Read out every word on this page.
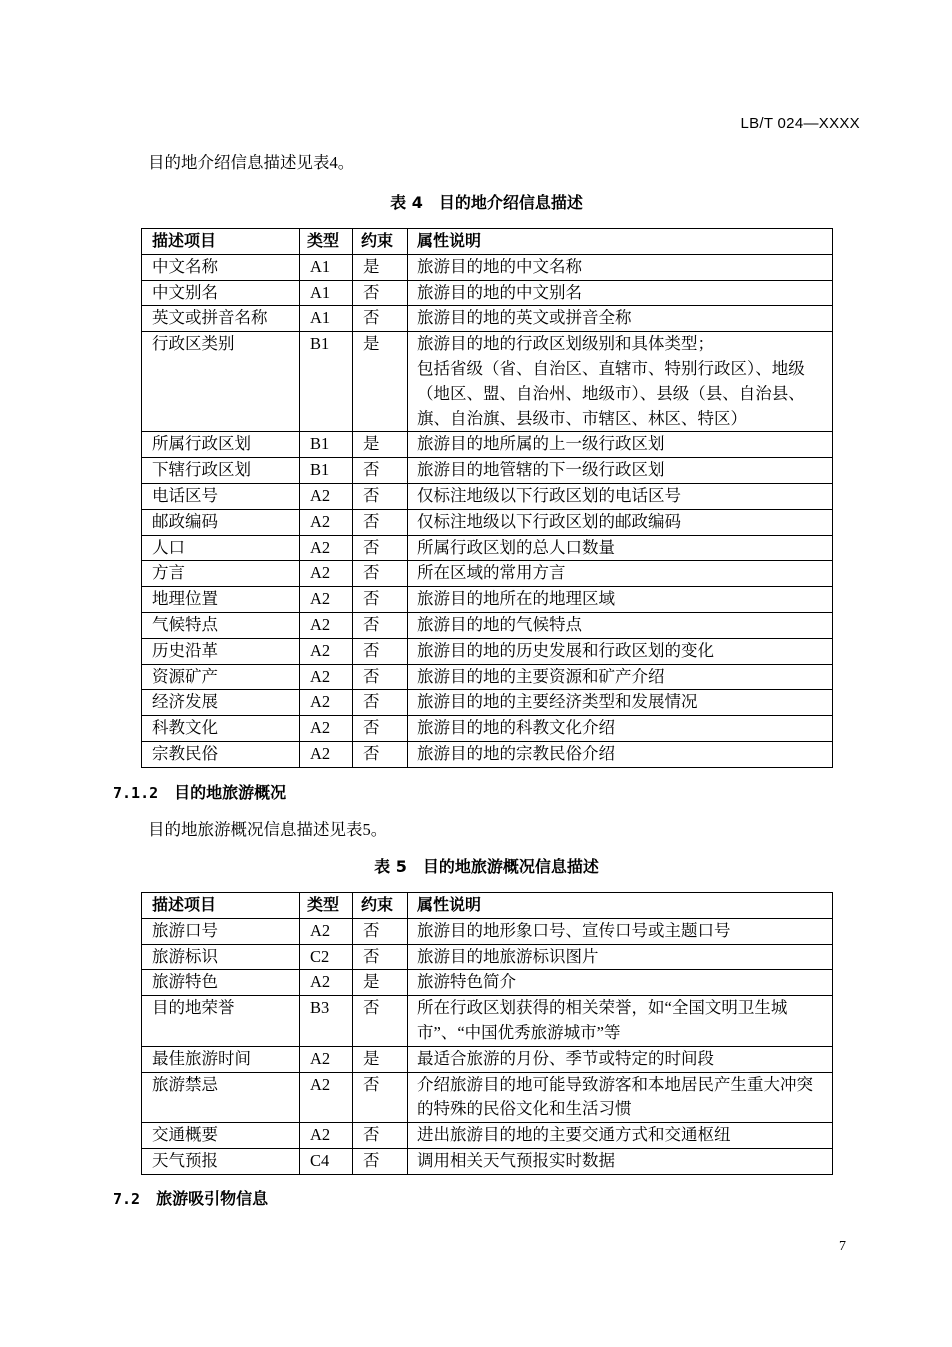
LB/T 024—XXXX
目的地介绍信息描述见表4。
表 4 目的地介绍信息描述
描述项目	类型	约束	属性说明
中文名称	A1	是	旅游目的地的中文名称
中文别名	A1	否	旅游目的地的中文别名
英文或拼音名称	A1	否	旅游目的地的英文或拼音全称
行政区类别	B1	是	旅游目的地的行政区划级别和具体类型；
包括省级（省、自治区、直辖市、特别行政区）、地级（地区、盟、自治州、地级市）、县级（县、自治县、旗、自治旗、县级市、市辖区、林区、特区）
所属行政区划	B1	是	旅游目的地所属的上一级行政区划
下辖行政区划	B1	否	旅游目的地管辖的下一级行政区划
电话区号	A2	否	仅标注地级以下行政区划的电话区号
邮政编码	A2	否	仅标注地级以下行政区划的邮政编码
人口	A2	否	所属行政区划的总人口数量
方言	A2	否	所在区域的常用方言
地理位置	A2	否	旅游目的地所在的地理区域
气候特点	A2	否	旅游目的地的气候特点
历史沿革	A2	否	旅游目的地的历史发展和行政区划的变化
资源矿产	A2	否	旅游目的地的主要资源和矿产介绍
经济发展	A2	否	旅游目的地的主要经济类型和发展情况
科教文化	A2	否	旅游目的地的科教文化介绍
宗教民俗	A2	否	旅游目的地的宗教民俗介绍
7.1.2 目的地旅游概况
目的地旅游概况信息描述见表5。
表 5 目的地旅游概况信息描述
描述项目	类型	约束	属性说明
旅游口号	A2	否	旅游目的地形象口号、宣传口号或主题口号
旅游标识	C2	否	旅游目的地旅游标识图片
旅游特色	A2	是	旅游特色简介
目的地荣誉	B3	否	所在行政区划获得的相关荣誉，如“全国文明卫生城市”、“中国优秀旅游城市”等
最佳旅游时间	A2	是	最适合旅游的月份、季节或特定的时间段
旅游禁忌	A2	否	介绍旅游目的地可能导致游客和本地居民产生重大冲突的特殊的民俗文化和生活习惯
交通概要	A2	否	进出旅游目的地的主要交通方式和交通枢纽
天气预报	C4	否	调用相关天气预报实时数据
7.2 旅游吸引物信息
7
